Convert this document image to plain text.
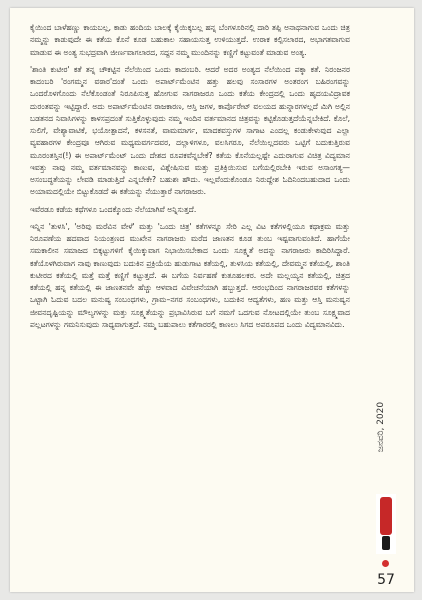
ಕೈಯಿಂದ ಬಾಳೆಹಣ್ಣು ಕಾಯಬಲ್ಲ, ಕಾಡು ಹಂದಿಯ ಬಾಲಕ್ಕೆ ಕೈಯಿಕ್ಕಬಲ್ಲ ಹನ್ನ ಬೆಂಗಳೂರಿನಲ್ಲಿ ದಾರಿ ತಪ್ಪಿ ಅನಾಥನಾಗುವ ಒಂದು ಚಿತ್ರ ನಮ್ಮನ್ನು ಕಾಡುವುದೇ ಈ ಕತೆಯ ಕೊನೆ ಕೂಡ ಬಹುಕಾಲ ಸಹಾಯಸುತ್ತ ಉಳಿಯುತ್ತದೆ. ಉರಾಕ ಕಲ್ಪಿಸಲಾರದ, ಅಭಾಗತವಾಗುವ ಮಾಡುವ ಈ ಅಂತ್ಯ ಸುಭದ್ರವಾಗಿ ಜೀರ್ಣವಾಗಲಾರದ, ಸದ್ದನ ನಮ್ಮ ಮುಂದಿನನ್ನು ಕಣ್ಣಿಗೆ ಕಟ್ಟುವಂತೆ ಮಾಡುವ ಅಂತ್ಯ.

'ಶಾಂತಿ ಕುಟೀರ' ಕತೆ ತನ್ನ ಚೌಕಟ್ಟಿನ ನೆಲೆಯಿಂದ ಒಂದು ಕಾದಂಬರಿ. ಆದರೆ ಅದರ ಅಂತ್ಯದ ನೆಲೆಯಿಂದ ಪಕ್ಕಾ ಕತೆ. ನಿರಂಜನರ ಕಾದಂಬರಿ 'ರಂಗಮ್ಮನ ವಠಾರ'ದಂತೆ ಒಂದು ಅಪಾರ್ಟ್‌ಮೆಂಟಿನ ಹತ್ತು ಹಲವು ಸಂಸಾರಗಳ ಅಂತರಂಗ ಬಹಿರಂಗವನ್ನು ಒಂದರೊಳಗೊಂದು ನೆಲೆಕೊಂಡಂತೆ ನಿರೂಪಿಸುತ್ತ ಹೋಗುವ ನಾಗರಾಜರೂ ಒಂದು ಕತೆಯ ಕೇಂದ್ರದಲ್ಲಿ ಒಂದು ಹೃದಯವಿದ್ರಾವಕ ದುರಂತವನ್ನು ಇಟ್ಟಿದ್ದಾರೆ. ಅದು ಅಪಾರ್ಟ್‌ಮೆಂಟಿನ ರಾಜಕಾರಣ, ಆಸ್ತಿ ಜಗಳ, ಕಾರ್ಪೊರೇಟ್ ವಲಯದ ಹುನ್ನಾರಗಳಲ್ಲದೆ ಮಿಗಿ ಅಲ್ಲಿನ ಬಡತನದ ನಿವಾಸಿಗಳನ್ನು ಕಾಳಸಪ್ರದಂತೆ ಸುತ್ತಿಕೊಳ್ಳುವುದು ನಮ್ಮ ಇಂದಿನ ವರ್ತಮಾನದ ಚಿತ್ರವನ್ನು ಕಟ್ಟಿಕೊಡುತ್ತದೆಯೆನ್ನಬೇಕಿದೆ. ಕೊಲೆ, ಸುಲಿಗೆ, ವೇಶ್ಯಾವಾಟಿಕೆ, ಭಯೋತ್ಪಾದನೆ, ಕಳಸನತೆ, ವಾಮಮಾರ್ಗ, ಮಾದಕವಸ್ತುಗಳ ಸಾಗಾಟ ಎಂದಲ್ಲ ಕಂಡುಕೇಳುವುದ ಎಲ್ಲಾ ವ್ಯವಹಾರಗಳ ಕೇಂದ್ರವೂ ಆಗಿರುವ ಮಧ್ಯಮವರ್ಗದವರ, ದಲ್ಲಾಳಿಗಳೂ, ವಲಸಿಗರೂ, ನೆಲೆಯಿಲ್ಲದವರು ಒಟ್ಟಿಗೆ ಬದುಕುತ್ತಿರುವ ಮೂರಂತಸ್ತಿನ(!) ಈ ಅಪಾರ್ಟ್‌ಮೆಂಟ್ ಒಂದು ದೇಶದ ರೂಪಕವೆನ್ನಬೇಕೆ? ಕತೆಯ ಕೊನೆಯಲ್ಲಷ್ಟೇ ಎದುರಾಗುವ ವಿಚಿತ್ರ ವಿದ್ಯಮಾನ ಇವತ್ತು ನಾವು ನಮ್ಮ ವರ್ತಮಾನವನ್ನು ಕಾಣುವ, ವಿಶ್ಲೇಷಿಸುವ ಮತ್ತು ಪ್ರತಿಕ್ರಿಯಿಸುವ ಬಗೆಯಲ್ಲಿರಬೇಕಿ ಇರುವ ಅಸಾಂಗತ್ಯ—ಅಸಂಬದ್ಧತೆಯನ್ನು ಲೇವಡಿ ಮಾಡುತ್ತಿದೆ ಎನ್ನಬೇಕೇ? ಬಹುಶಃ ಹೌದು. ಇಲ್ಲವೆಂದುಕೊಂಡೂ ನಿರುದ್ದೇಶ ಓದಿನಿಂದಬಹುದಾದ ಒಂದು ಅಯಾಮದಲ್ಲಿಯೇ ಬಿಟ್ಟುಕೊಡದೆ ಈ ಕತೆಯನ್ನು ನೆಯುತ್ತಾರೆ ನಾಗರಾಜರು.

ಇವೆರಡೂ ಕಡೆಯ ಕಥೆಗಳೂ ಒಂದಕ್ಕೊಂದು ನೆಲೆಯಾಗಿವೆ ಅನ್ನಿಸುತ್ತದೆ.

ಇನ್ನಿನ 'ತುಳಸಿ', 'ಅರಿವು ಮರೆವಿನ ವೇಳೆ' ಮತ್ತು 'ಒಂದು ಚಿತ್ರ' ಕತೆಗಳನ್ನೂ ಸೇರಿ ಎಲ್ಲ ವಿಟ ಕತೆಗಳಲ್ಲಿಯೂ ಕಥಾಕ್ರಮ ಮತ್ತು ನಿರೂಪಣೆಯ ಹದವಾದ ನಿಯಂತ್ರಣದ ಮುಖೇನ ನಾಗರಾಜರು ಮರೆದ ಜಾಣತನ ಕೂಡ ತುಂಬ ಇಷ್ಟವಾಗುವಂತಿದೆ. ಹಾಗೆಯೇ ಸಮಕಾಲೀನ ಸಮಾಜದ ಬಿಕ್ಕಟ್ಟುಗಳಿಗೆ ಕೈಯಿಕ್ಕುವಾಗ ನಿಭಾಯಿಸಬೇಕಾದ ಒಂದು ಸೂಕ್ಷ್ಮತೆ ಅದನ್ನು ನಾಗರಾಜರು ಕಾದಿರಿಸಿದ್ದಾರೆ. ಕತೆಯೊಳಗಿರುವಾಗ ನಾವು ಕಾಣುವುದು ಬದುಕಿನ ಪ್ರಕ್ರಿಯೆಯ ಹುಡುಗಾಟ ಕತೆಯಲ್ಲಿ, ತುಳಸಿಯ ಕತೆಯಲ್ಲಿ, ದೇವಮ್ಮನ ಕತೆಯಲ್ಲಿ, ಶಾಂತಿ ಕುಟೀರದ ಕತೆಯಲ್ಲಿ ಮತ್ತೆ ಮತ್ತೆ ಕಣ್ಣಿಗೆ ಕಟ್ಟುತ್ತದೆ. ಈ ಬಗೆಯ ನಿರ್ವಹಣೆ ಕುತೂಹಲಕರ. ಅದೇ ಮಲ್ಲಯ್ಯನ ಕತೆಯಲ್ಲಿ, ಚಿತ್ರದ ಕತೆಯಲ್ಲಿ ಹನ್ನ ಕತೆಯಲ್ಲಿ ಈ ಜಾಣತನವೇ ಹೆಚ್ಚು ಆಳವಾದ ವಿವೇಚನೆಯಾಗಿ ಹಬ್ಬುತ್ತದೆ. ಆರಂಭದಿಂದ ನಾಗರಾಜರವರ ಕತೆಗಳನ್ನು ಒಟ್ಟಾಗಿ ಓದುವ ಬದಲ ಮನುಷ್ಯ ಸಂಬಂಧಗಳು, ಗ್ರಾಮ–ನಗರ ಸಂಬಂಧಗಳು, ಬದುಕಿನ ಆದ್ಯತೆಗಳು, ಹಣ ಮತ್ತು ಆಸ್ತಿ ಮನುಷ್ಯನ ಜೀವನದೃಷ್ಟಿಯನ್ನು ಮೌಲ್ಯಗಳನ್ನು ಮತ್ತು ಸೂಕ್ಷ್ಮತೆಯನ್ನು ಪ್ರಭಾವಿಸಿರುವ ಬಗೆ ನಮಗೆ ಒದಗುವ ನೋಟದಲ್ಲಿಯೇ ತುಂಬ ಸೂಕ್ಷ್ಮವಾದ ಪಲ್ಲಟಗಳನ್ನು ಗಮನಿಸುವುದು ಸಾಧ್ಯವಾಗುತ್ತದೆ. ನಮ್ಮ ಬಹುಪಾಲು ಕತೆಗಾರರಲ್ಲಿ ಕಾಣಲು ಸಿಗದ ಅಪರೂಪದ ಒಂದು ವಿದ್ಯಮಾನವಿದು.

ಜನವರಿ, 2020
57
